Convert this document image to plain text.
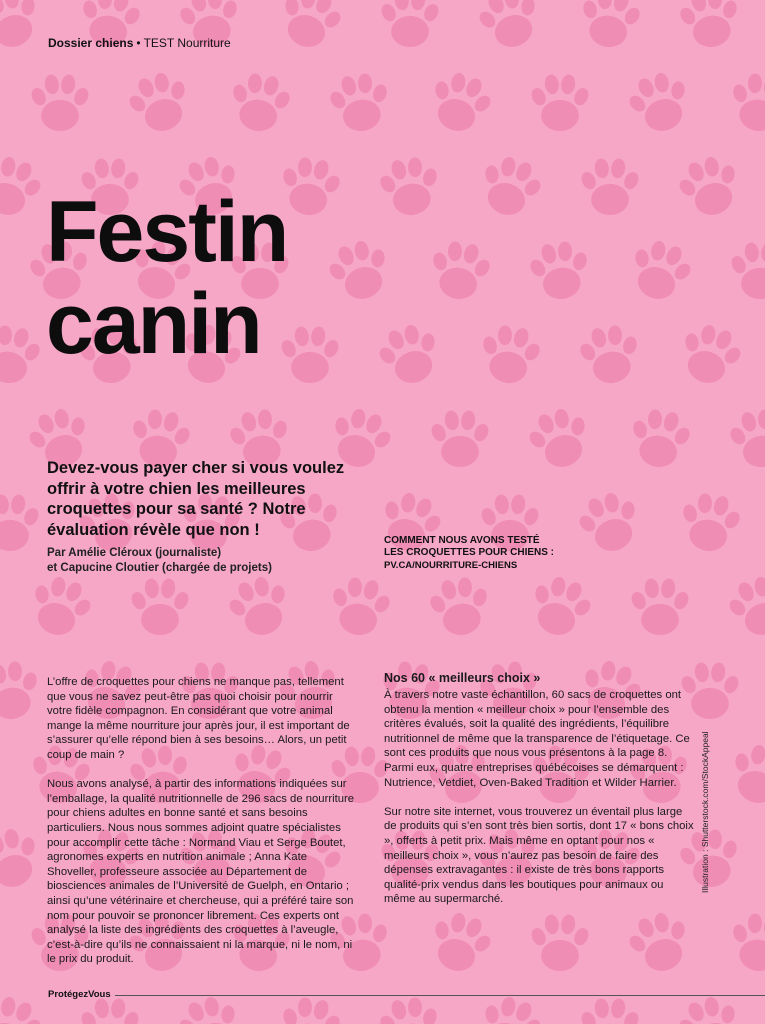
Dossier chiens • TEST Nourriture
Festin
canin

Devez-vous payer cher si vous voulez offrir à votre chien les meilleures croquettes pour sa santé ? Notre évaluation révèle que non !

Par Amélie Cléroux (journaliste)
et Capucine Cloutier (chargée de projets)
COMMENT NOUS AVONS TESTÉ
LES CROQUETTES POUR CHIENS :
PV.CA/NOURRITURE-CHIENS

L’offre de croquettes pour chiens ne manque pas, tellement que vous ne savez peut-être pas quoi choisir pour nourrir votre fidèle compagnon. En considérant que votre animal mange la même nourriture jour après jour, il est important de s’assurer qu’elle répond bien à ses besoins… Alors, un petit coup de main ?

Nous avons analysé, à partir des informations indiquées sur l’emballage, la qualité nutritionnelle de 296 sacs de nourriture pour chiens adultes en bonne santé et sans besoins particuliers. Nous nous sommes adjoint quatre spécialistes pour accomplir cette tâche : Normand Viau et Serge Boutet, agronomes experts en nutrition animale ; Anna Kate Shoveller, professeure associée au Département de biosciences animales de l’Université de Guelph, en Ontario ; ainsi qu’une vétérinaire et chercheuse, qui a préféré taire son nom pour pouvoir se prononcer librement. Ces experts ont analysé la liste des ingrédients des croquettes à l’aveugle, c’est-à-dire qu’ils ne connaissaient ni la marque, ni le nom, ni le prix du produit.

Nos 60 « meilleurs choix »

À travers notre vaste échantillon, 60 sacs de croquettes ont obtenu la mention « meilleur choix » pour l’ensemble des critères évalués, soit la qualité des ingrédients, l’équilibre nutritionnel de même que la transparence de l’étiquetage. Ce sont ces produits que nous vous présentons à la page 8. Parmi eux, quatre entreprises québécoises se démarquent : Nutrience, Vetdiet, Oven-Baked Tradition et Wilder Harrier.

Sur notre site internet, vous trouverez un éventail plus large de produits qui s’en sont très bien sortis, dont 17 « bons choix », offerts à petit prix. Mais même en optant pour nos « meilleurs choix », vous n’aurez pas besoin de faire des dépenses extravagantes : il existe de très bons rapports qualité-prix vendus dans les boutiques pour animaux ou même au supermarché.

Illustration : Shutterstock.com/StockAppeal
ProtégezVous
